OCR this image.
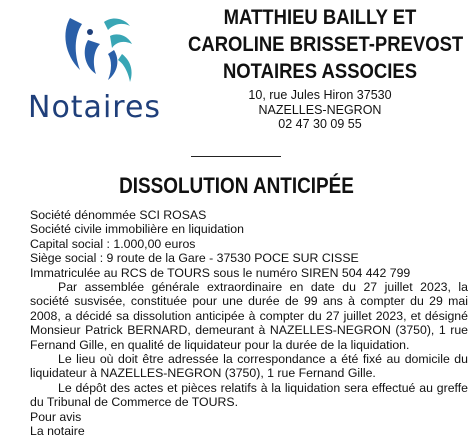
Notaires
MATTHIEU BAILLY ET
CAROLINE BRISSET-PREVOST
NOTAIRES ASSOCIES
10, rue Jules Hiron 37530
NAZELLES-NEGRON
02 47 30 09 55
DISSOLUTION ANTICIPÉE
Société dénommée SCI ROSAS
Société civile immobilière en liquidation
Capital social : 1.000,00 euros
Siège social : 9 route de la Gare - 37530 POCE SUR CISSE
Immatriculée au RCS de TOURS sous le numéro SIREN 504 442 799
Par assemblée générale extraordinaire en date du 27 juillet 2023, la société susvisée, constituée pour une durée de 99 ans à compter du 29 mai 2008, a décidé sa dissolution anticipée à compter du 27 juillet 2023, et désigné Monsieur Patrick BERNARD, demeurant à NAZELLES-NEGRON (3750), 1 rue Fernand Gille, en qualité de liquidateur pour la durée de la liquidation.
Le lieu où doit être adressée la correspondance a été fixé au domicile du liquidateur à NAZELLES-NEGRON (3750), 1 rue Fernand Gille.
Le dépôt des actes et pièces relatifs à la liquidation sera effectué au greffe du Tribunal de Commerce de TOURS.
Pour avis
La notaire
